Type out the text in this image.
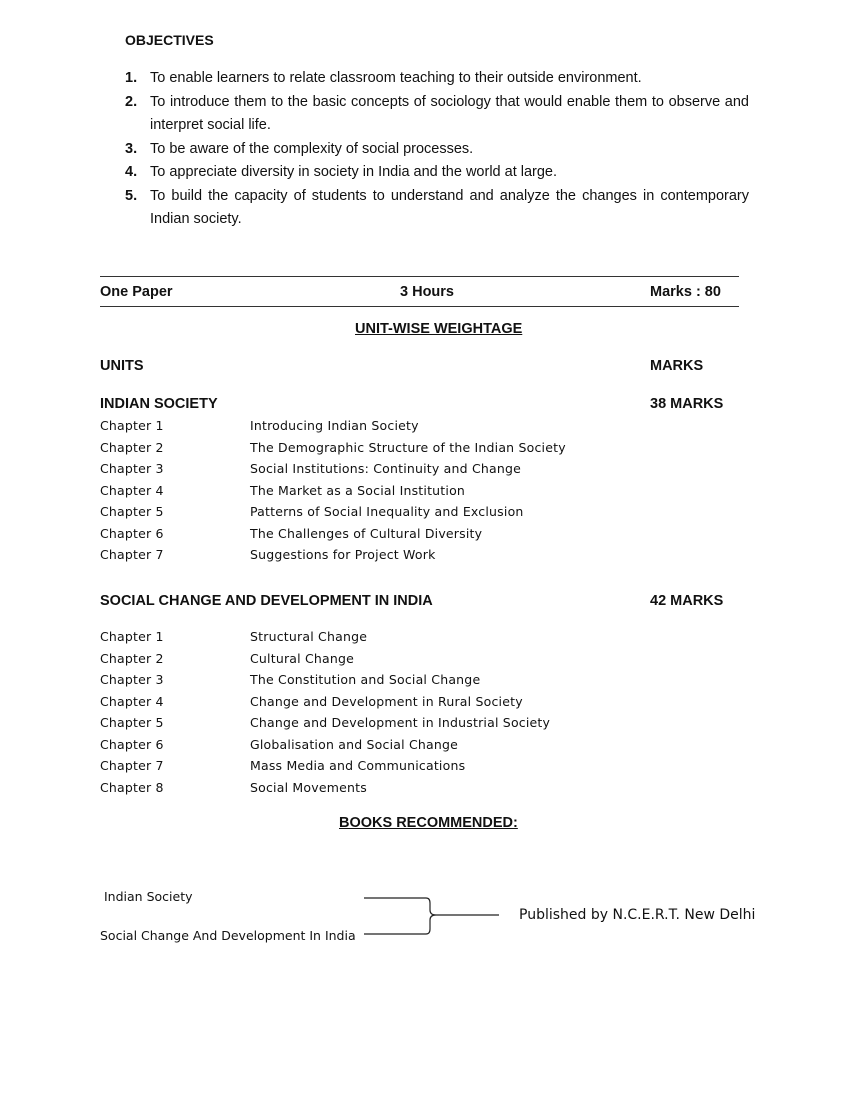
OBJECTIVES
1. To enable learners to relate classroom teaching to their outside environment.
2. To introduce them to the basic concepts of sociology that would enable them to observe and interpret social life.
3. To be aware of the complexity of social processes.
4. To appreciate diversity in society in India and the world at large.
5. To build the capacity of students to understand and analyze the changes in contemporary Indian society.
One Paper	3 Hours	Marks : 80
UNIT-WISE WEIGHTAGE
UNITS	MARKS
INDIAN SOCIETY	38 MARKS
Chapter 1	Introducing Indian Society
Chapter 2	The Demographic Structure of the Indian Society
Chapter 3	Social Institutions: Continuity and Change
Chapter 4	The Market as a Social Institution
Chapter 5	Patterns of Social Inequality and Exclusion
Chapter 6	The Challenges of Cultural Diversity
Chapter 7	Suggestions for Project Work
SOCIAL CHANGE AND DEVELOPMENT IN INDIA	42 MARKS
Chapter 1	Structural Change
Chapter 2	Cultural Change
Chapter 3	The Constitution and Social Change
Chapter 4	Change and Development in Rural Society
Chapter 5	Change and Development in Industrial Society
Chapter 6	Globalisation and Social Change
Chapter 7	Mass Media and Communications
Chapter 8	Social Movements
BOOKS RECOMMENDED:
Indian Society
Social Change And Development In India
Published by N.C.E.R.T. New Delhi
